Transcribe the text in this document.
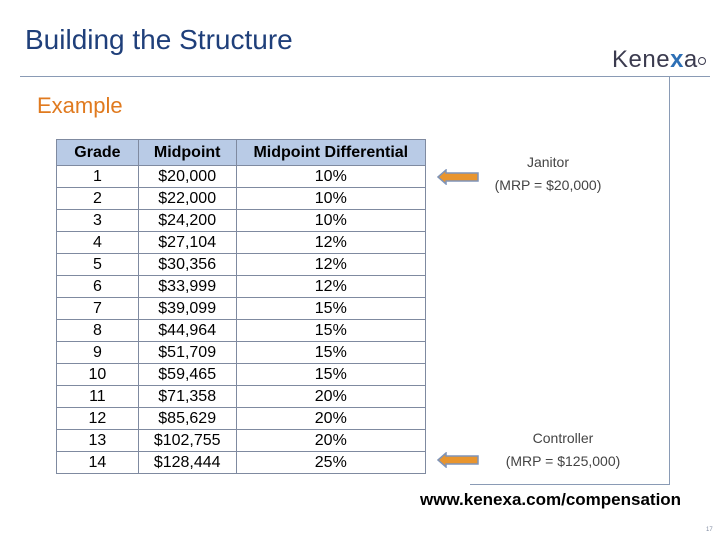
Building the Structure
Kenexa
Example
Grade	Midpoint	Midpoint Differential
1	$20,000	10%
2	$22,000	10%
3	$24,200	10%
4	$27,104	12%
5	$30,356	12%
6	$33,999	12%
7	$39,099	15%
8	$44,964	15%
9	$51,709	15%
10	$59,465	15%
11	$71,358	20%
12	$85,629	20%
13	$102,755	20%
14	$128,444	25%
Janitor
(MRP = $20,000)
Controller
(MRP = $125,000)
www.kenexa.com/compensation
17
